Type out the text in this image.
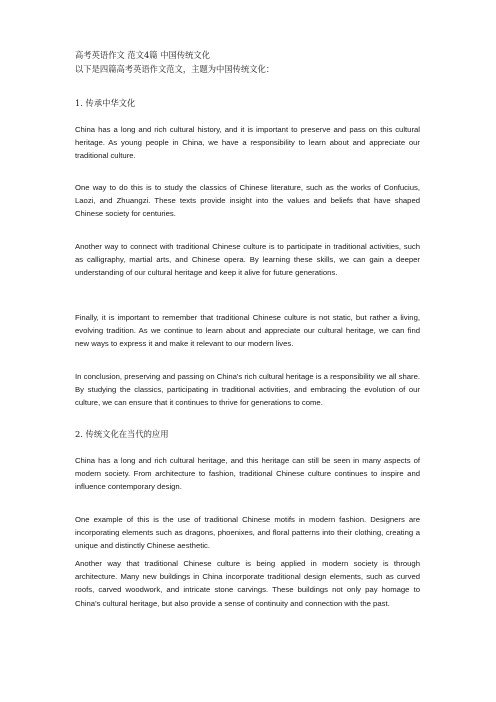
高考英语作文 范文4篇 中国传统文化
以下是四篇高考英语作文范文，主题为中国传统文化：
1. 传承中华文化

China has a long and rich cultural history, and it is important to preserve and pass on this cultural heritage. As young people in China, we have a responsibility to learn about and appreciate our traditional culture.

One way to do this is to study the classics of Chinese literature, such as the works of Confucius, Laozi, and Zhuangzi. These texts provide insight into the values and beliefs that have shaped Chinese society for centuries.

Another way to connect with traditional Chinese culture is to participate in traditional activities, such as calligraphy, martial arts, and Chinese opera. By learning these skills, we can gain a deeper understanding of our cultural heritage and keep it alive for future generations.

Finally, it is important to remember that traditional Chinese culture is not static, but rather a living, evolving tradition. As we continue to learn about and appreciate our cultural heritage, we can find new ways to express it and make it relevant to our modern lives.

In conclusion, preserving and passing on China's rich cultural heritage is a responsibility we all share. By studying the classics, participating in traditional activities, and embracing the evolution of our culture, we can ensure that it continues to thrive for generations to come.

2. 传统文化在当代的应用

China has a long and rich cultural heritage, and this heritage can still be seen in many aspects of modern society. From architecture to fashion, traditional Chinese culture continues to inspire and influence contemporary design.

One example of this is the use of traditional Chinese motifs in modern fashion. Designers are incorporating elements such as dragons, phoenixes, and floral patterns into their clothing, creating a unique and distinctly Chinese aesthetic.

Another way that traditional Chinese culture is being applied in modern society is through architecture. Many new buildings in China incorporate traditional design elements, such as curved roofs, carved woodwork, and intricate stone carvings. These buildings not only pay homage to China's cultural heritage, but also provide a sense of continuity and connection with the past.
